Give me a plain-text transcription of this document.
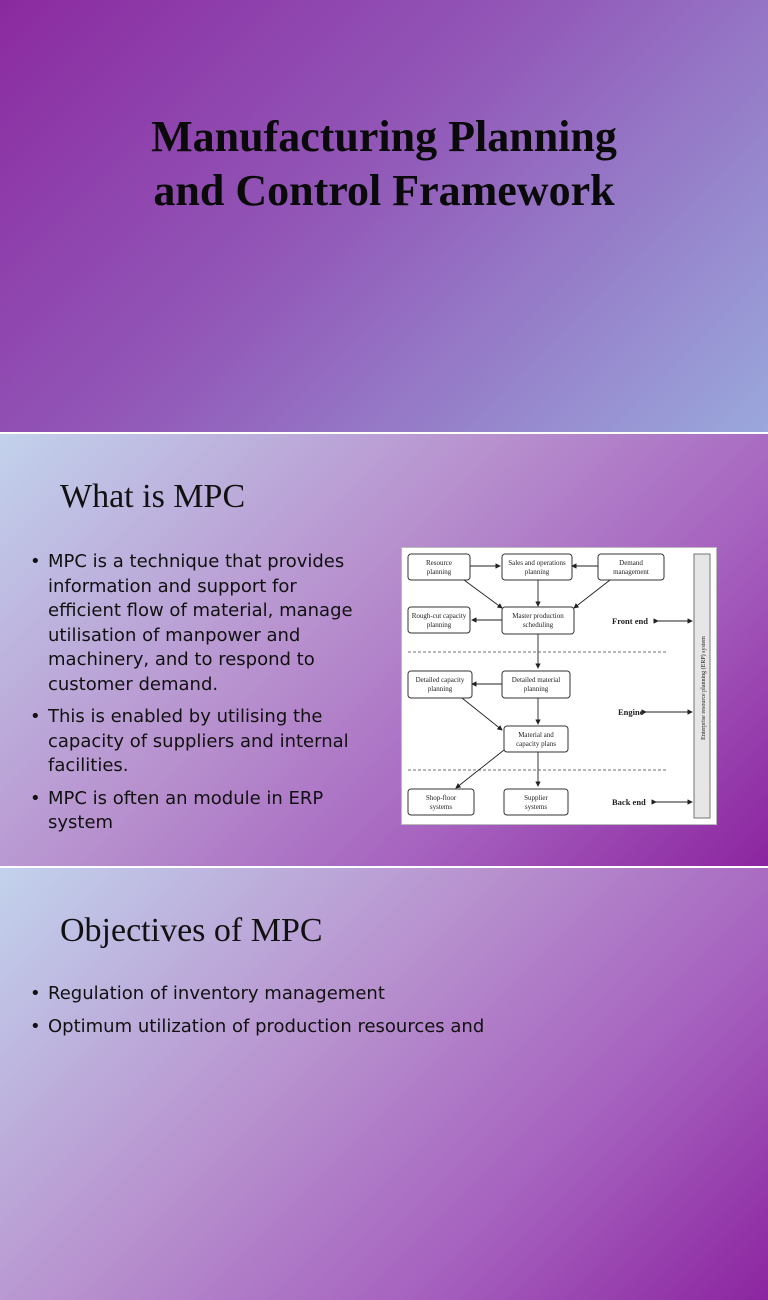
Manufacturing Planning
and Control Framework
What is MPC
• MPC is a technique that provides information and support for efficient flow of material, manage utilisation of manpower and machinery, and to respond to customer demand.
• This is enabled by utilising the capacity of suppliers and internal facilities.
• MPC is often an module in ERP system
Resource
planning
Sales and operations
planning
Demand
management
Rough-cut capacity
planning
Master production
scheduling
Detailed capacity
planning
Detailed material
planning
Material and
capacity plans
Shop-floor
systems
Supplier
systems
Front end
Engine
Back end
Enterprise resource planning (ERP) system
Objectives of MPC
• Regulation of inventory management
• Optimum utilization of production resources and
